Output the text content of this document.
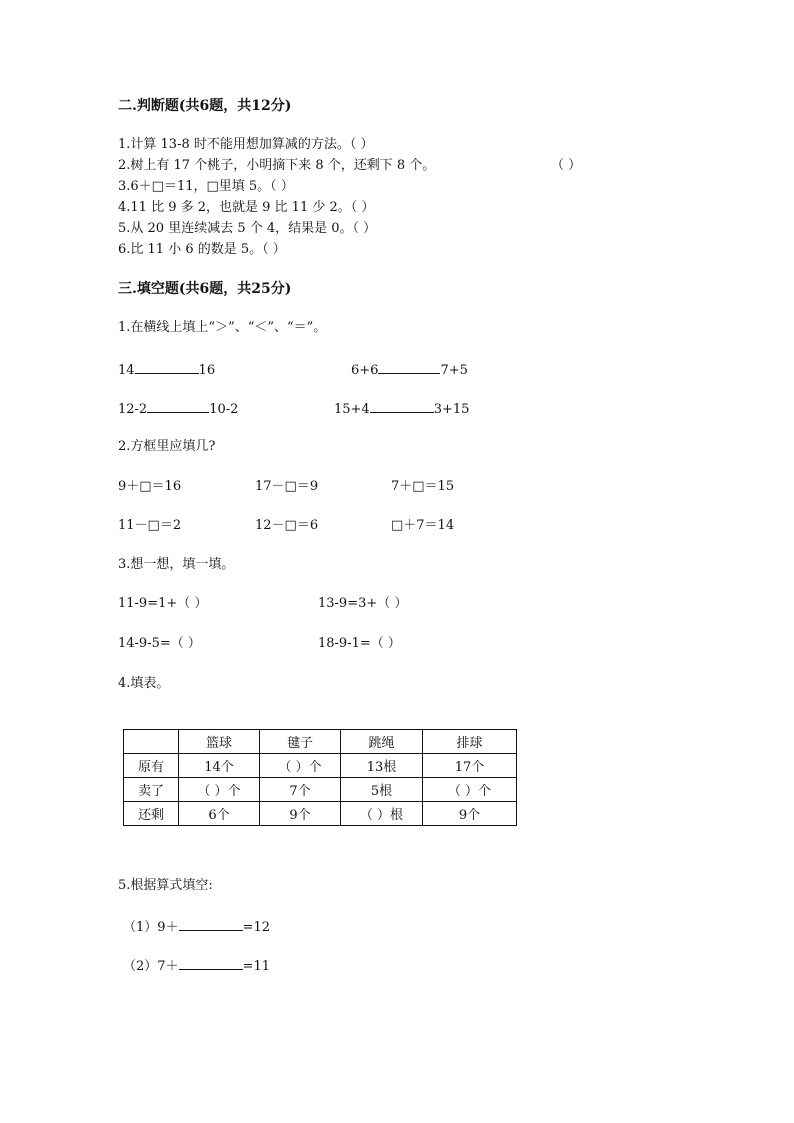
二.判断题(共6题，共12分)
1.计算 13-8 时不能用想加算减的方法。（ ）
2.树上有 17 个桃子，小明摘下来 8 个，还剩下 8 个。	（ ）
3.6＋□＝11，□里填 5。（ ）
4.11 比 9 多 2，也就是 9 比 11 少 2。（ ）
5.从 20 里连续减去 5 个 4，结果是 0。（ ）
6.比 11 小 6 的数是 5。（ ）
三.填空题(共6题，共25分)
1.在横线上填上“＞”、“＜”、“＝”。
14	16	6+6	7+5
12-2	10-2	15+4	3+15
2.方框里应填几?
9＋□＝16	17－□＝9	7＋□＝15
11－□＝2	12－□＝6	□＋7＝14
3.想一想，填一填。
11-9=1+（ ）	13-9=3+（ ）
14-9-5=（ ）	18-9-1=（ ）
4.填表。
	篮球	毽子	跳绳	排球
原有	14个	（ ）个	13根	17个
卖了	（ ）个	7个	5根	（ ）个
还剩	6个	9个	（ ）根	9个
5.根据算式填空:
（1）9＋	=12
（2）7＋	=11
